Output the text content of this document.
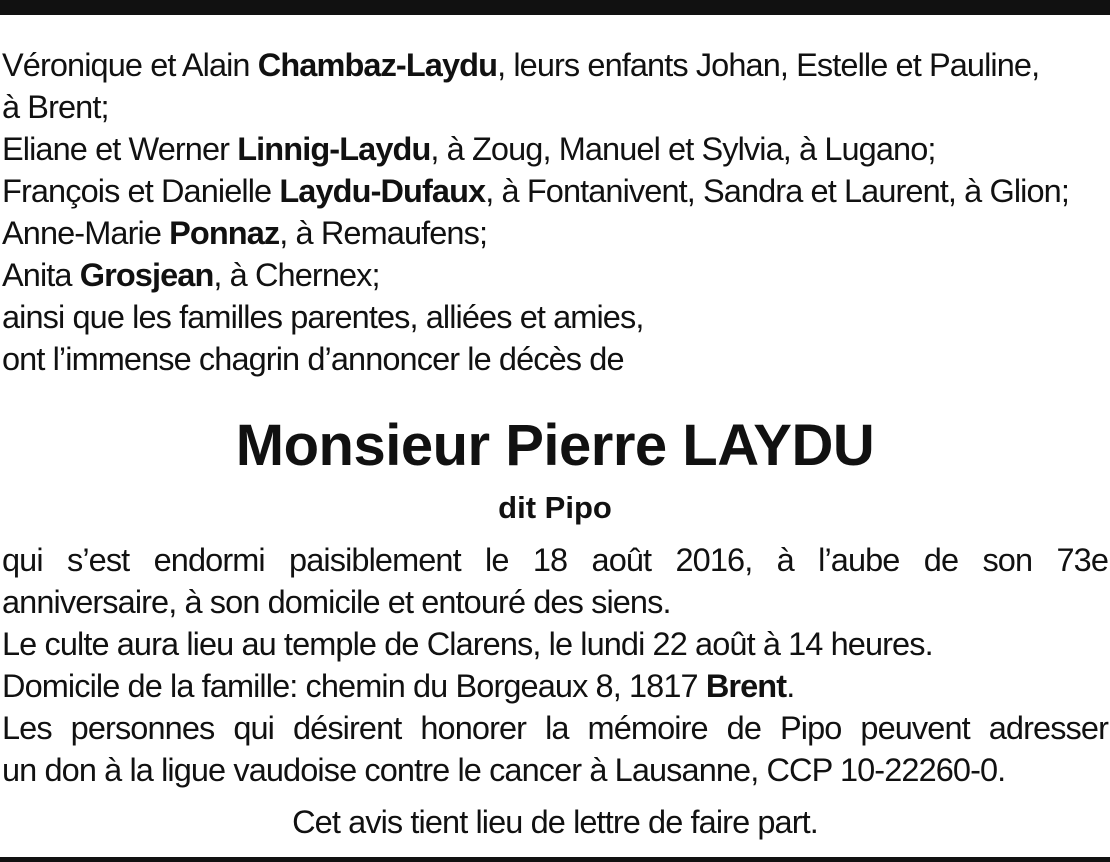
Véronique et Alain Chambaz-Laydu, leurs enfants Johan, Estelle et Pauline,
à Brent;
Eliane et Werner Linnig-Laydu, à Zoug, Manuel et Sylvia, à Lugano;
François et Danielle Laydu-Dufaux, à Fontanivent, Sandra et Laurent, à Glion;
Anne-Marie Ponnaz, à Remaufens;
Anita Grosjean, à Chernex;
ainsi que les familles parentes, alliées et amies,
ont l’immense chagrin d’annoncer le décès de
Monsieur Pierre LAYDU
dit Pipo
qui s’est endormi paisiblement le 18 août 2016, à l’aube de son 73e
anniversaire, à son domicile et entouré des siens.
Le culte aura lieu au temple de Clarens, le lundi 22 août à 14 heures.
Domicile de la famille: chemin du Borgeaux 8, 1817 Brent.
Les personnes qui désirent honorer la mémoire de Pipo peuvent adresser
un don à la ligue vaudoise contre le cancer à Lausanne, CCP 10-22260-0.
Cet avis tient lieu de lettre de faire part.
